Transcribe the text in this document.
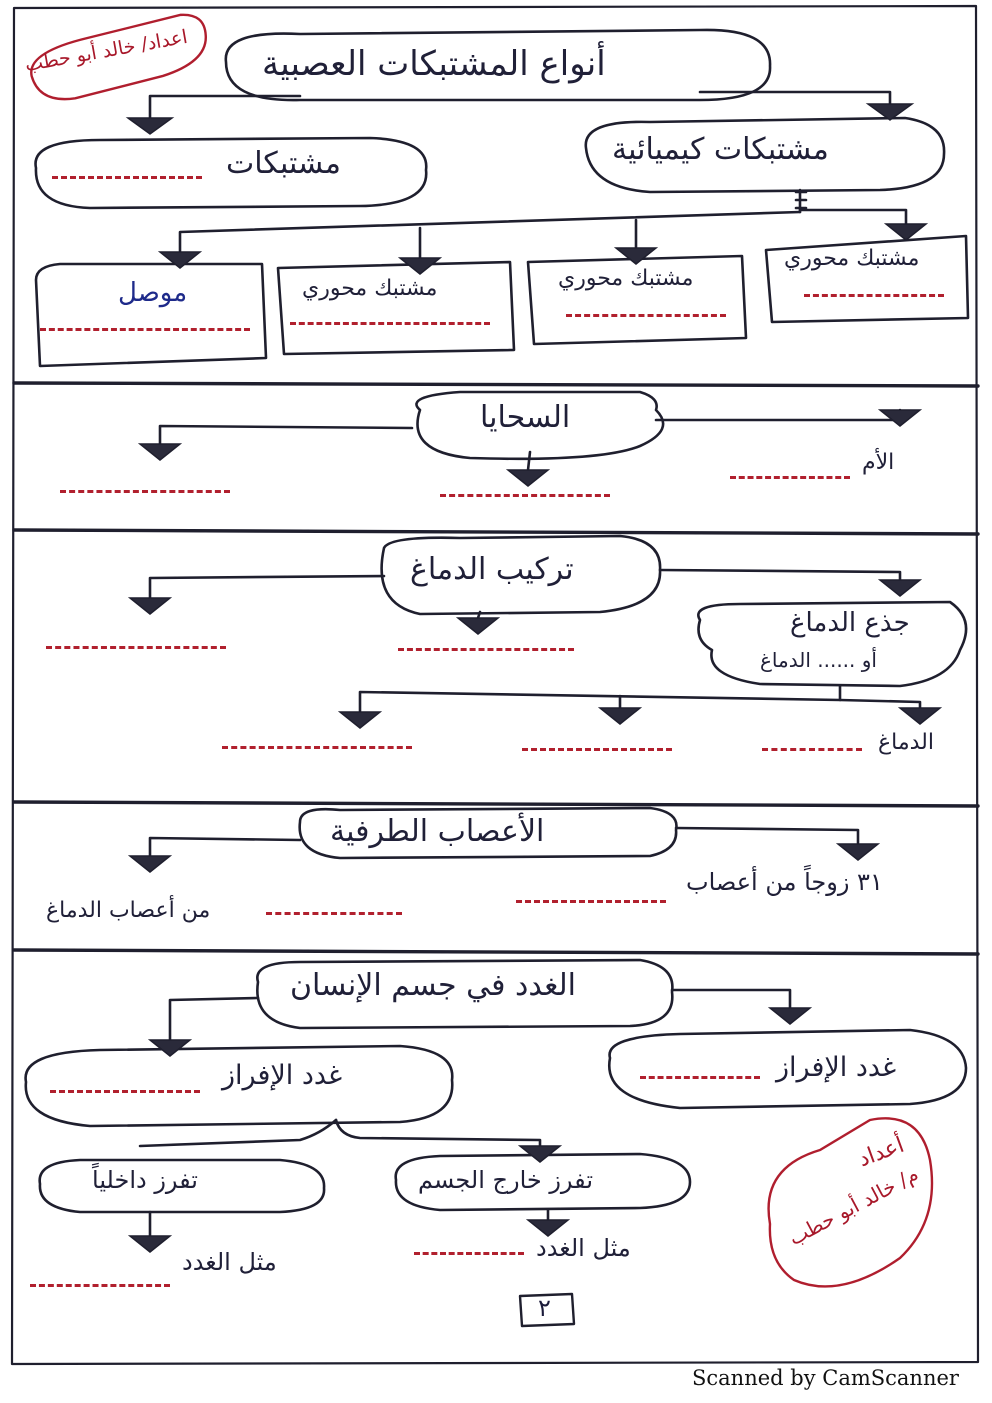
اعداد/ خالد أبو حطب أنواع المشتبكات العصبية
مشتبكات	مشتبكات كيميائية
موصل	مشتبك محوري	مشتبك محوري
مشتبك محوري
السحايا
الأم
تركيب الدماغ
جذع الدماغ
أو ...... الدماغ
الدماغ
الأعصاب الطرفية
٣١ زوجاً من أعصاب
من أعصاب الدماغ
الغدد في جسم الإنسان
غدد الإفراز
غدد الإفراز
تفرز خارج الجسم
تفرز داخلياً
مثل الغدد
مثل الغدد
أعداد
م/ خالد أبو حطب
٢
Scanned by CamScanner
